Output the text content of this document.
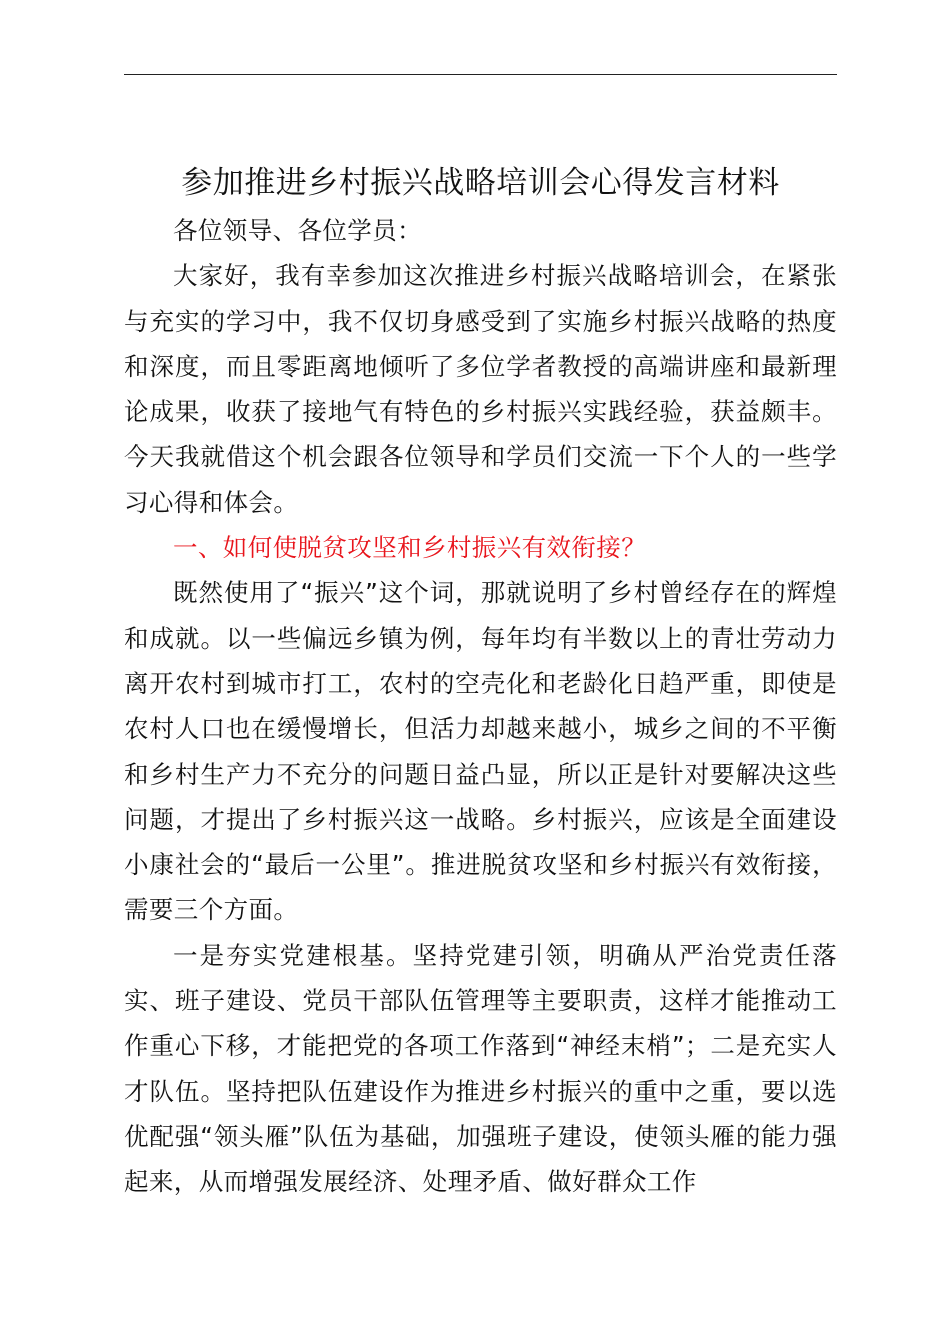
参加推进乡村振兴战略培训会心得发言材料

各位领导、各位学员：

大家好，我有幸参加这次推进乡村振兴战略培训会，在紧张与充实的学习中，我不仅切身感受到了实施乡村振兴战略的热度和深度，而且零距离地倾听了多位学者教授的高端讲座和最新理论成果，收获了接地气有特色的乡村振兴实践经验，获益颇丰。今天我就借这个机会跟各位领导和学员们交流一下个人的一些学习心得和体会。

一、如何使脱贫攻坚和乡村振兴有效衔接？

既然使用了“振兴”这个词，那就说明了乡村曾经存在的辉煌和成就。以一些偏远乡镇为例，每年均有半数以上的青壮劳动力离开农村到城市打工，农村的空壳化和老龄化日趋严重，即使是农村人口也在缓慢增长，但活力却越来越小，城乡之间的不平衡和乡村生产力不充分的问题日益凸显，所以正是针对要解决这些问题，才提出了乡村振兴这一战略。乡村振兴，应该是全面建设小康社会的“最后一公里”。推进脱贫攻坚和乡村振兴有效衔接，需要三个方面。

一是夯实党建根基。坚持党建引领，明确从严治党责任落实、班子建设、党员干部队伍管理等主要职责，这样才能推动工作重心下移，才能把党的各项工作落到“神经末梢”；二是充实人才队伍。坚持把队伍建设作为推进乡村振兴的重中之重，要以选优配强“领头雁”队伍为基础，加强班子建设，使领头雁的能力强起来，从而增强发展经济、处理矛盾、做好群众工作
